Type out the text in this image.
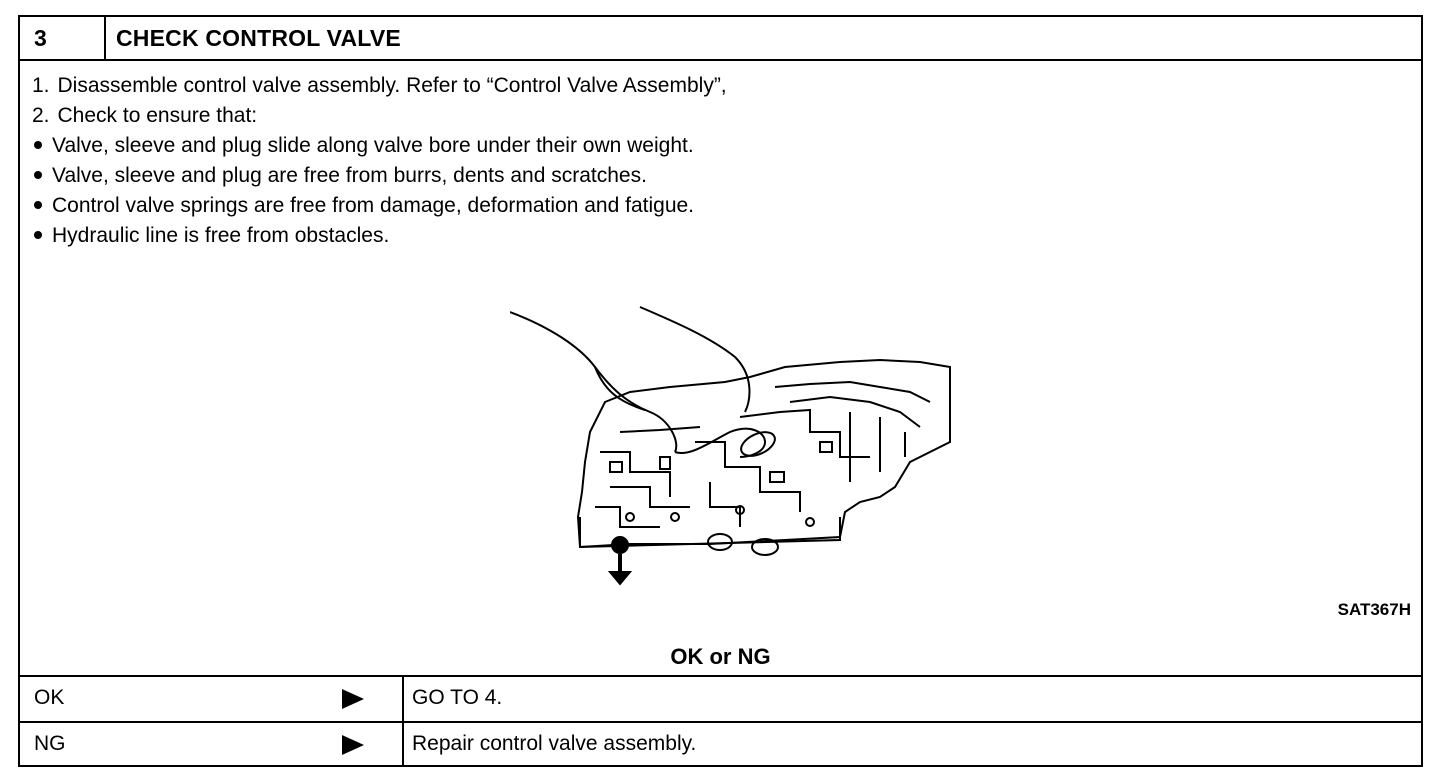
3	CHECK CONTROL VALVE
1. Disassemble control valve assembly. Refer to “Control Valve Assembly”,
2. Check to ensure that:
Valve, sleeve and plug slide along valve bore under their own weight.
Valve, sleeve and plug are free from burrs, dents and scratches.
Control valve springs are free from damage, deformation and fatigue.
Hydraulic line is free from obstacles.
SAT367H
OK or NG
OK	GO TO 4.
NG	Repair control valve assembly.
